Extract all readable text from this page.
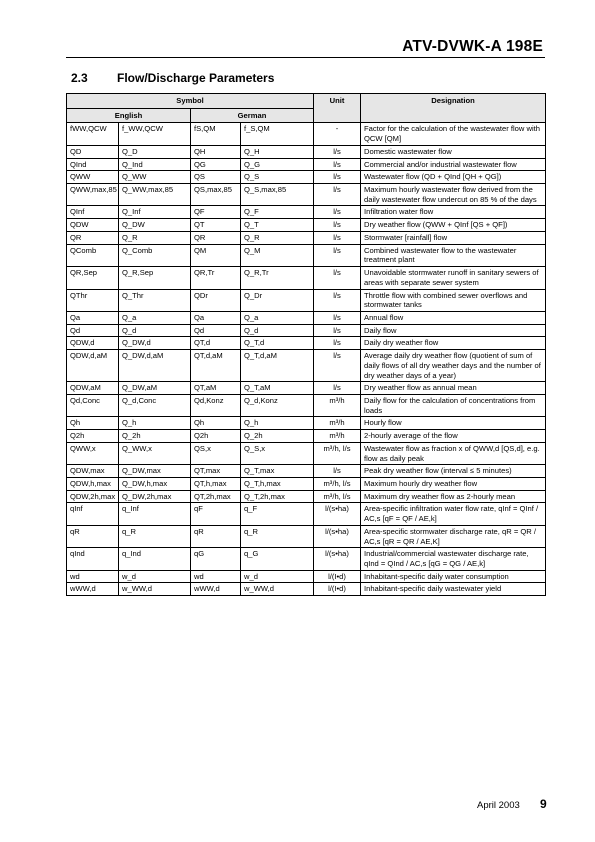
ATV-DVWK-A 198E
2.3 Flow/Discharge Parameters
Symbol				Unit	Designation
English		German			
fWW,QCW	f_WW,QCW	fS,QM	f_S,QM	-	Factor for the calculation of the wastewater flow with QCW [QM]
QD	Q_D	QH	Q_H	l/s	Domestic wastewater flow
QInd	Q_Ind	QG	Q_G	l/s	Commercial and/or industrial wastewater flow
QWW	Q_WW	QS	Q_S	l/s	Wastewater flow (QD + QInd [QH + QG])
QWW,max,85	Q_WW,max,85	QS,max,85	Q_S,max,85	l/s	Maximum hourly wastewater flow derived from the daily wastewater flow undercut on 85 % of the days
QInf	Q_Inf	QF	Q_F	l/s	Infiltration water flow
QDW	Q_DW	QT	Q_T	l/s	Dry weather flow (QWW + QInf [QS + QF])
QR	Q_R	QR	Q_R	l/s	Stormwater [rainfall] flow
QComb	Q_Comb	QM	Q_M	l/s	Combined wastewater flow to the wastewater treatment plant
QR,Sep	Q_R,Sep	QR,Tr	Q_R,Tr	l/s	Unavoidable stormwater runoff in sanitary sewers of areas with separate sewer system
QThr	Q_Thr	QDr	Q_Dr	l/s	Throttle flow with combined sewer overflows and stormwater tanks
Qa	Q_a	Qa	Q_a	l/s	Annual flow
Qd	Q_d	Qd	Q_d	l/s	Daily flow
QDW,d	Q_DW,d	QT,d	Q_T,d	l/s	Daily dry weather flow
QDW,d,aM	Q_DW,d,aM	QT,d,aM	Q_T,d,aM	l/s	Average daily dry weather flow (quotient of sum of daily flows of all dry weather days and the number of dry weather days of a year)
QDW,aM	Q_DW,aM	QT,aM	Q_T,aM	l/s	Dry weather flow as annual mean
Qd,Conc	Q_d,Conc	Qd,Konz	Q_d,Konz	m³/h	Daily flow for the calculation of concentrations from loads
Qh	Q_h	Qh	Q_h	m³/h	Hourly flow
Q2h	Q_2h	Q2h	Q_2h	m³/h	2-hourly average of the flow
QWW,x	Q_WW,x	QS,x	Q_S,x	m³/h, l/s	Wastewater flow as fraction x of QWW,d [QS,d], e.g. flow as daily peak
QDW,max	Q_DW,max	QT,max	Q_T,max	l/s	Peak dry weather flow (interval ≤ 5 minutes)
QDW,h,max	Q_DW,h,max	QT,h,max	Q_T,h,max	m³/h, l/s	Maximum hourly dry weather flow
QDW,2h,max	Q_DW,2h,max	QT,2h,max	Q_T,2h,max	m³/h, l/s	Maximum dry weather flow as 2-hourly mean
qInf	q_Inf	qF	q_F	l/(s•ha)	Area-specific infiltration water flow rate, qInf = QInf / AC,s [qF = QF / AE,k]
qR	q_R	qR	q_R	l/(s•ha)	Area-specific stormwater discharge rate, qR = QR / AC,s [qR = QR / AE,K]
qInd	q_Ind	qG	q_G	l/(s•ha)	Industrial/commercial wastewater discharge rate, qInd = QInd / AC,s [qG = QG / AE,k]
wd	w_d	wd	w_d	l/(I•d)	Inhabitant-specific daily water consumption
wWW,d	w_WW,d	wWW,d	w_WW,d	l/(I•d)	Inhabitant-specific daily wastewater yield
April 2003 9
